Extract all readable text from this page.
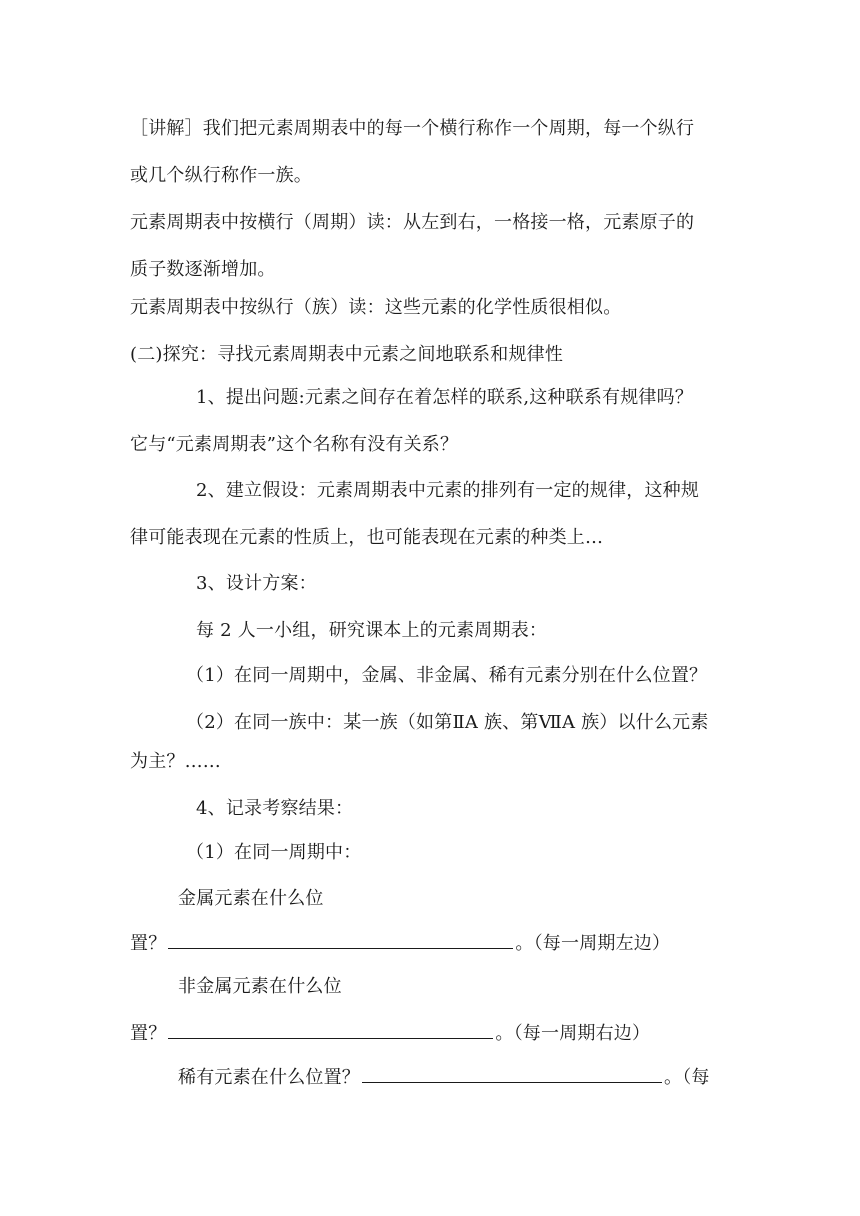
［讲解］我们把元素周期表中的每一个横行称作一个周期，每一个纵行
或几个纵行称作一族。
元素周期表中按横行（周期）读：从左到右，一格接一格，元素原子的
质子数逐渐增加。
元素周期表中按纵行（族）读：这些元素的化学性质很相似。
(二)探究：寻找元素周期表中元素之间地联系和规律性
1、提出问题:元素之间存在着怎样的联系,这种联系有规律吗？
它与“元素周期表”这个名称有没有关系？
2、建立假设：元素周期表中元素的排列有一定的规律，这种规
律可能表现在元素的性质上，也可能表现在元素的种类上…
3、设计方案：
每 2 人一小组，研究课本上的元素周期表：
（1）在同一周期中，金属、非金属、稀有元素分别在什么位置？
（2）在同一族中：某一族（如第ⅡA 族、第ⅦA 族）以什么元素
为主？……
4、记录考察结果：
（1）在同一周期中：
金属元素在什么位
置？	。（每一周期左边）
非金属元素在什么位
置？	。（每一周期右边）
稀有元素在什么位置？	。（每
